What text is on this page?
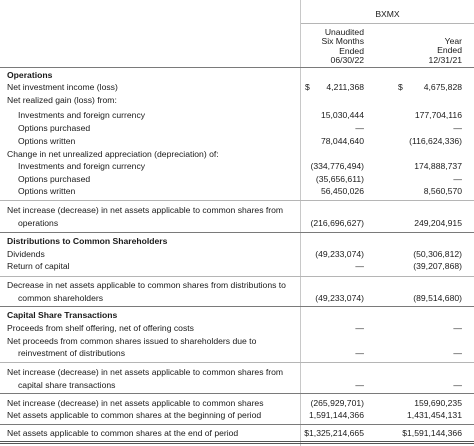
BXMX
Unaudited
Six Months
Ended
06/30/22
Year
Ended
12/31/21
Operations
Net investment income (loss)	$ 4,211,368	$ 4,675,828
Net realized gain (loss) from:
Investments and foreign currency	15,030,444	177,704,116
Options purchased	—	—
Options written	78,044,640	(116,624,336)
Change in net unrealized appreciation (depreciation) of:
Investments and foreign currency	(334,776,494)	174,888,737
Options purchased	(35,656,611)	—
Options written	56,450,026	8,560,570
Net increase (decrease) in net assets applicable to common shares from
operations	(216,696,627)	249,204,915
Distributions to Common Shareholders
Dividends	(49,233,074)	(50,306,812)
Return of capital	—	(39,207,868)
Decrease in net assets applicable to common shares from distributions to
common shareholders	(49,233,074)	(89,514,680)
Capital Share Transactions
Proceeds from shelf offering, net of offering costs	—	—
Net proceeds from common shares issued to shareholders due to
reinvestment of distributions	—	—
Net increase (decrease) in net assets applicable to common shares from
capital share transactions	—	—
Net increase (decrease) in net assets applicable to common shares	(265,929,701)	159,690,235
Net assets applicable to common shares at the beginning of period	1,591,144,366	1,431,454,131
Net assets applicable to common shares at the end of period	$1,325,214,665	$1,591,144,366
